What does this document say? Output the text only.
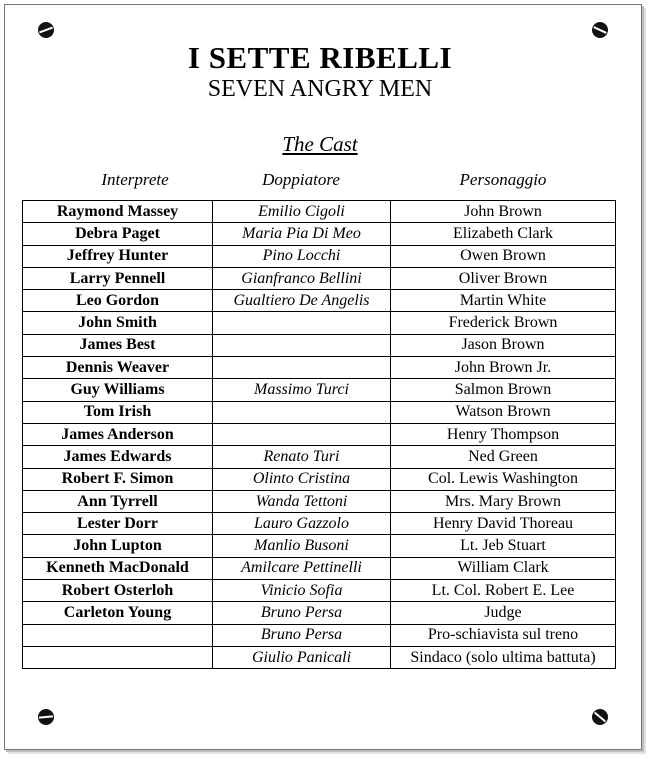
I SETTE RIBELLI
SEVEN ANGRY MEN
The Cast
Interprete	Doppiatore	Personaggio
Raymond Massey	Emilio Cigoli	John Brown
Debra Paget	Maria Pia Di Meo	Elizabeth Clark
Jeffrey Hunter	Pino Locchi	Owen Brown
Larry Pennell	Gianfranco Bellini	Oliver Brown
Leo Gordon	Gualtiero De Angelis	Martin White
John Smith		Frederick Brown
James Best		Jason Brown
Dennis Weaver		John Brown Jr.
Guy Williams	Massimo Turci	Salmon Brown
Tom Irish		Watson Brown
James Anderson		Henry Thompson
James Edwards	Renato Turi	Ned Green
Robert F. Simon	Olinto Cristina	Col. Lewis Washington
Ann Tyrrell	Wanda Tettoni	Mrs. Mary Brown
Lester Dorr	Lauro Gazzolo	Henry David Thoreau
John Lupton	Manlio Busoni	Lt. Jeb Stuart
Kenneth MacDonald	Amilcare Pettinelli	William Clark
Robert Osterloh	Vinicio Sofia	Lt. Col. Robert E. Lee
Carleton Young	Bruno Persa	Judge
	Bruno Persa	Pro-schiavista sul treno
	Giulio Panicali	Sindaco (solo ultima battuta)
